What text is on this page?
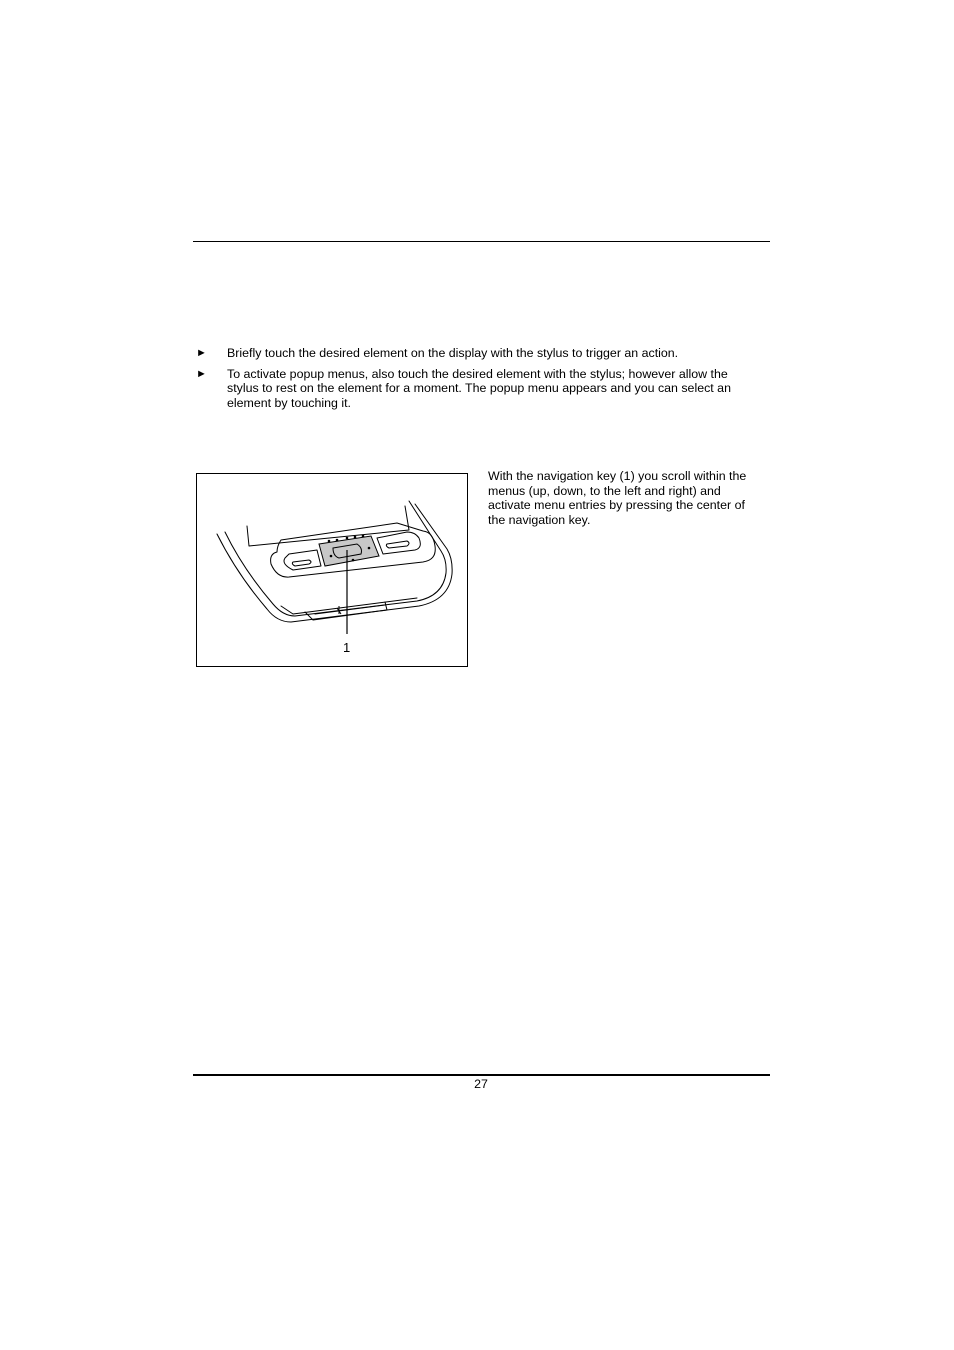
► Briefly touch the desired element on the display with the stylus to trigger an action.
► To activate popup menus, also touch the desired element with the stylus; however allow the stylus to rest on the element for a moment. The popup menu appears and you can select an element by touching it.
1

With the navigation key (1) you scroll within the menus (up, down, to the left and right) and activate menu entries by pressing the center of the navigation key.

27
